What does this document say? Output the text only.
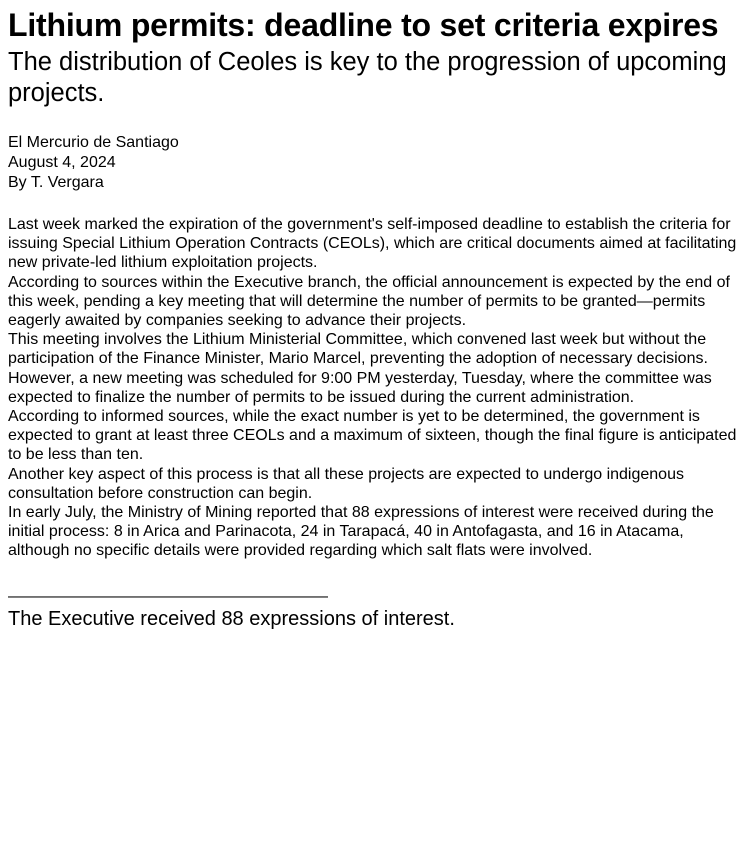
Lithium permits: deadline to set criteria expires
The distribution of Ceoles is key to the progression of upcoming projects.
El Mercurio de Santiago
August 4, 2024
By T. Vergara

Last week marked the expiration of the government's self-imposed deadline to establish the criteria for issuing Special Lithium Operation Contracts (CEOLs), which are critical documents aimed at facilitating new private-led lithium exploitation projects.

According to sources within the Executive branch, the official announcement is expected by the end of this week, pending a key meeting that will determine the number of permits to be granted—permits eagerly awaited by companies seeking to advance their projects.

This meeting involves the Lithium Ministerial Committee, which convened last week but without the participation of the Finance Minister, Mario Marcel, preventing the adoption of necessary decisions.

However, a new meeting was scheduled for 9:00 PM yesterday, Tuesday, where the committee was expected to finalize the number of permits to be issued during the current administration.

According to informed sources, while the exact number is yet to be determined, the government is expected to grant at least three CEOLs and a maximum of sixteen, though the final figure is anticipated to be less than ten.

Another key aspect of this process is that all these projects are expected to undergo indigenous consultation before construction can begin.

In early July, the Ministry of Mining reported that 88 expressions of interest were received during the initial process: 8 in Arica and Parinacota, 24 in Tarapacá, 40 in Antofagasta, and 16 in Atacama, although no specific details were provided regarding which salt flats were involved.

————————————————————
The Executive received 88 expressions of interest.
